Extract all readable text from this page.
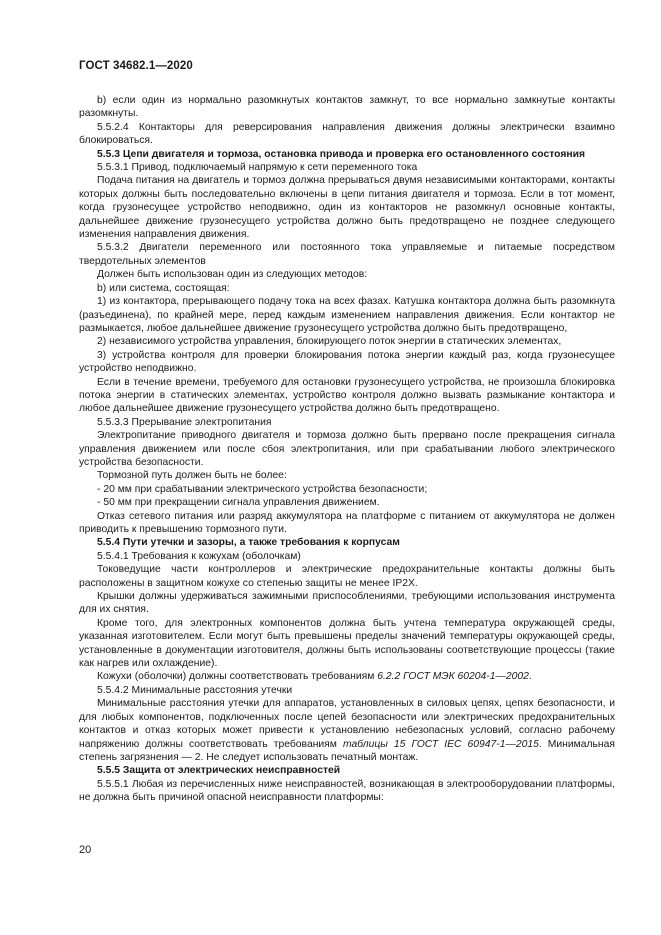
ГОСТ 34682.1—2020

b) если один из нормально разомкнутых контактов замкнут, то все нормально замкнутые контакты разомкнуты.

5.5.2.4 Контакторы для реверсирования направления движения должны электрически взаимно блокироваться.

5.5.3 Цепи двигателя и тормоза, остановка привода и проверка его остановленного состояния

5.5.3.1 Привод, подключаемый напрямую к сети переменного тока

Подача питания на двигатель и тормоз должна прерываться двумя независимыми контакторами, контакты которых должны быть последовательно включены в цепи питания двигателя и тормоза. Если в тот момент, когда грузонесущее устройство неподвижно, один из контакторов не разомкнул основные контакты, дальнейшее движение грузонесущего устройства должно быть предотвращено не позднее следующего изменения направления движения.

5.5.3.2 Двигатели переменного или постоянного тока управляемые и питаемые посредством твердотельных элементов

Должен быть использован один из следующих методов:

b) или система, состоящая:

1) из контактора, прерывающего подачу тока на всех фазах. Катушка контактора должна быть разомкнута (разъединена), по крайней мере, перед каждым изменением направления движения. Если контактор не размыкается, любое дальнейшее движение грузонесущего устройства должно быть предотвращено,

2) независимого устройства управления, блокирующего поток энергии в статических элементах,

3) устройства контроля для проверки блокирования потока энергии каждый раз, когда грузонесущее устройство неподвижно.

Если в течение времени, требуемого для остановки грузонесущего устройства, не произошла блокировка потока энергии в статических элементах, устройство контроля должно вызвать размыкание контактора и любое дальнейшее движение грузонесущего устройства должно быть предотвращено.

5.5.3.3 Прерывание электропитания

Электропитание приводного двигателя и тормоза должно быть прервано после прекращения сигнала управления движением или после сбоя электропитания, или при срабатывании любого электрического устройства безопасности.

Тормозной путь должен быть не более:

- 20 мм при срабатывании электрического устройства безопасности;

- 50 мм при прекращении сигнала управления движением.

Отказ сетевого питания или разряд аккумулятора на платформе с питанием от аккумулятора не должен приводить к превышению тормозного пути.

5.5.4 Пути утечки и зазоры, а также требования к корпусам

5.5.4.1 Требования к кожухам (оболочкам)

Токоведущие части контроллеров и электрические предохранительные контакты должны быть расположены в защитном кожухе со степенью защиты не менее IP2X.

Крышки должны удерживаться зажимными приспособлениями, требующими использования инструмента для их снятия.

Кроме того, для электронных компонентов должна быть учтена температура окружающей среды, указанная изготовителем. Если могут быть превышены пределы значений температуры окружающей среды, установленные в документации изготовителя, должны быть использованы соответствующие процессы (такие как нагрев или охлаждение).

Кожухи (оболочки) должны соответствовать требованиям 6.2.2 ГОСТ МЭК 60204-1—2002.

5.5.4.2 Минимальные расстояния утечки

Минимальные расстояния утечки для аппаратов, установленных в силовых цепях, цепях безопасности, и для любых компонентов, подключенных после цепей безопасности или электрических предохранительных контактов и отказ которых может привести к установлению небезопасных условий, согласно рабочему напряжению должны соответствовать требованиям таблицы 15 ГОСТ IEC 60947-1—2015. Минимальная степень загрязнения — 2. Не следует использовать печатный монтаж.

5.5.5 Защита от электрических неисправностей

5.5.5.1 Любая из перечисленных ниже неисправностей, возникающая в электрооборудовании платформы, не должна быть причиной опасной неисправности платформы:

20
